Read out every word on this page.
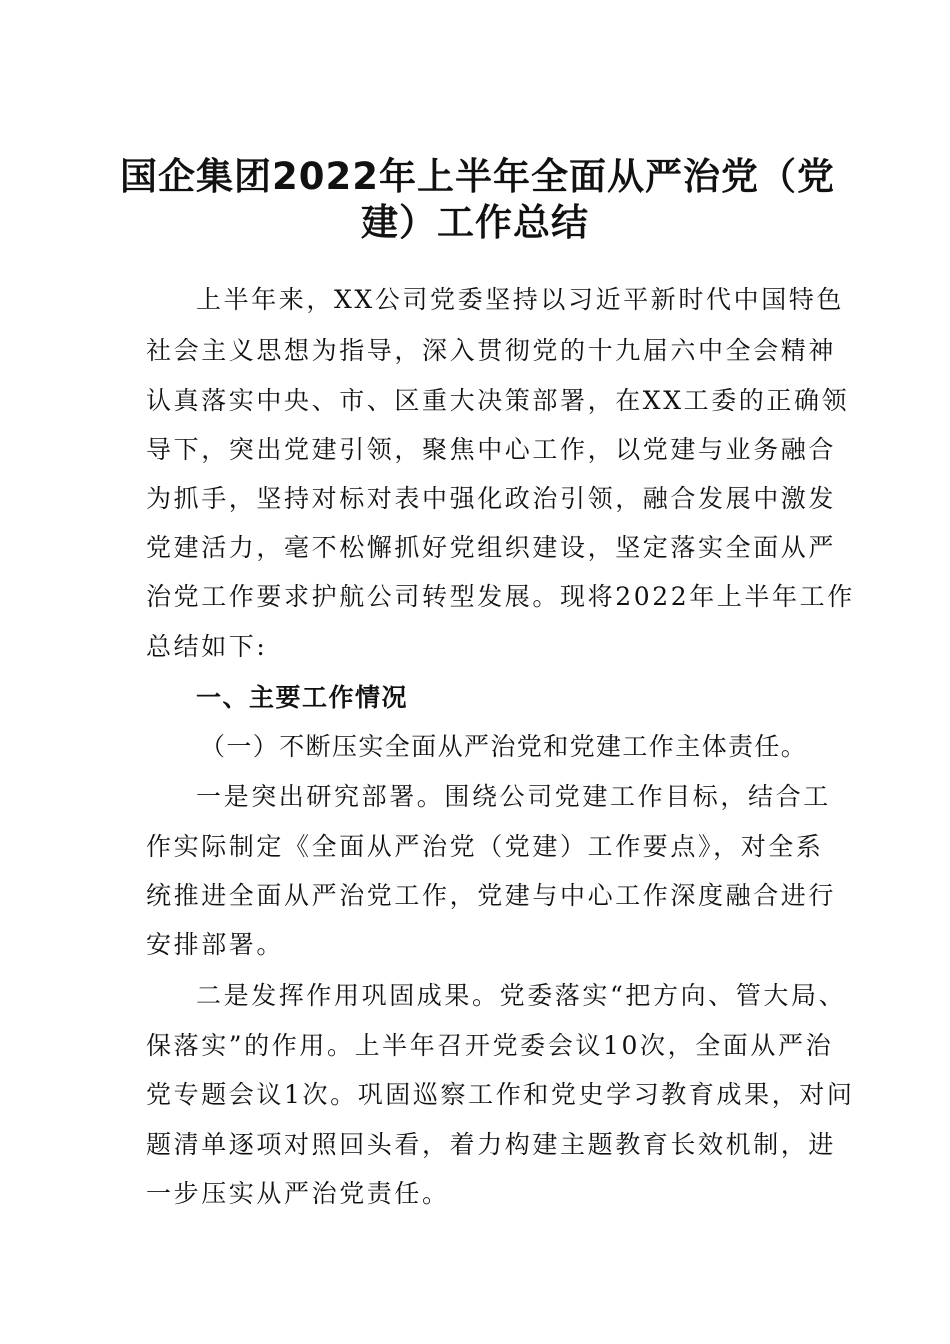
国企集团2022年上半年全面从严治党（党
建）工作总结
上半年来，XX公司党委坚持以习近平新时代中国特色
社会主义思想为指导，深入贯彻党的十九届六中全会精神
认真落实中央、市、区重大决策部署，在XX工委的正确领
导下，突出党建引领，聚焦中心工作，以党建与业务融合
为抓手，坚持对标对表中强化政治引领，融合发展中激发
党建活力，毫不松懈抓好党组织建设，坚定落实全面从严
治党工作要求护航公司转型发展。现将2022年上半年工作
总结如下:
一、主要工作情况
（一）不断压实全面从严治党和党建工作主体责任。
一是突出研究部署。围绕公司党建工作目标，结合工
作实际制定《全面从严治党（党建）工作要点》，对全系
统推进全面从严治党工作，党建与中心工作深度融合进行
安排部署。
二是发挥作用巩固成果。党委落实“把方向、管大局、
保落实”的作用。上半年召开党委会议10次，全面从严治
党专题会议1次。巩固巡察工作和党史学习教育成果，对问
题清单逐项对照回头看，着力构建主题教育长效机制，进
一步压实从严治党责任。
